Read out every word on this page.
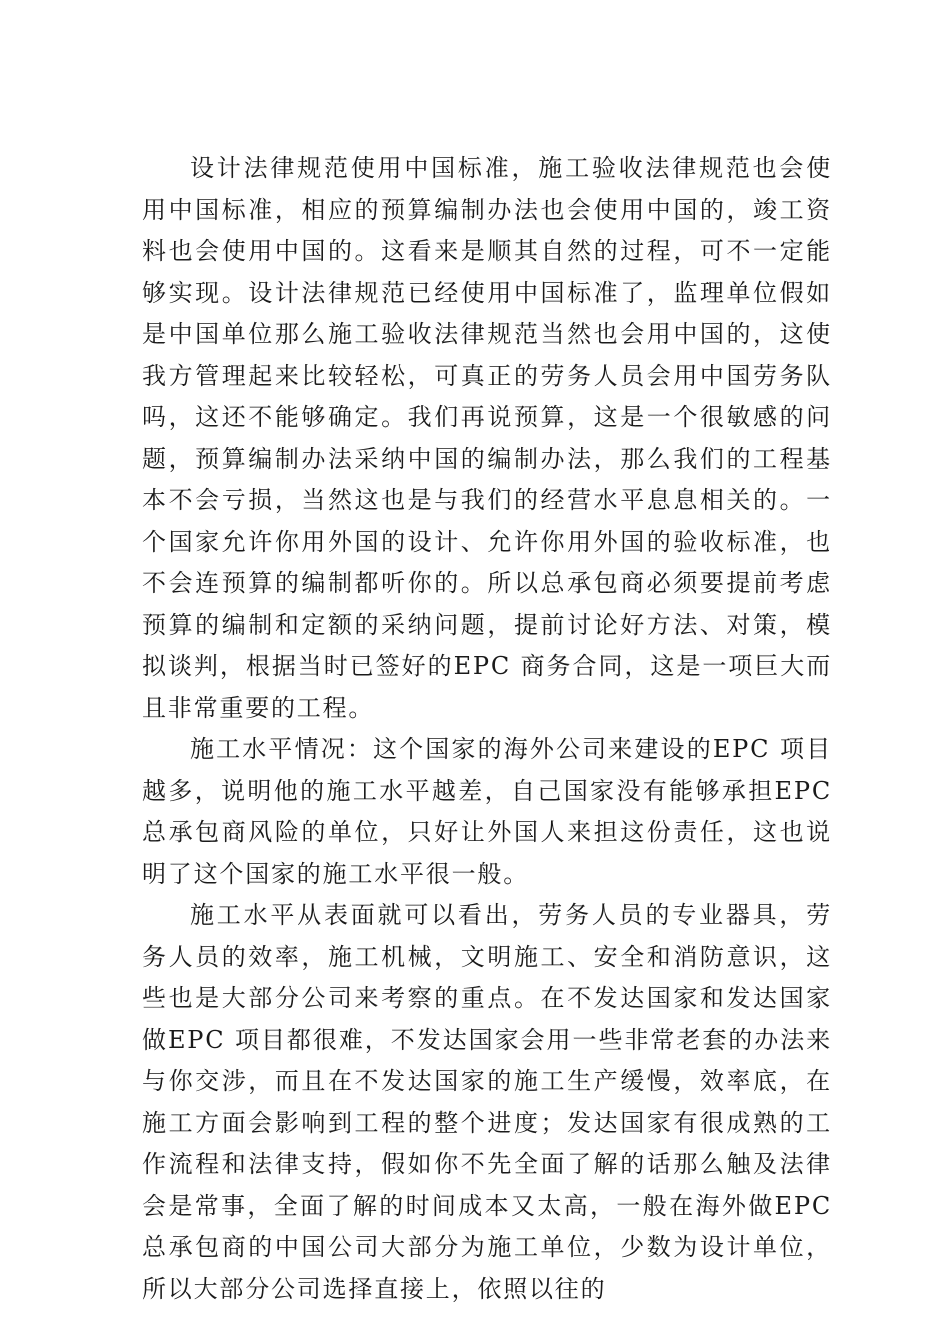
设计法律规范使用中国标准，施工验收法律规范也会使用中国标准，相应的预算编制办法也会使用中国的，竣工资料也会使用中国的。这看来是顺其自然的过程，可不一定能够实现。设计法律规范已经使用中国标准了，监理单位假如是中国单位那么施工验收法律规范当然也会用中国的，这使我方管理起来比较轻松，可真正的劳务人员会用中国劳务队吗，这还不能够确定。我们再说预算，这是一个很敏感的问题，预算编制办法采纳中国的编制办法，那么我们的工程基本不会亏损，当然这也是与我们的经营水平息息相关的。一个国家允许你用外国的设计、允许你用外国的验收标准，也不会连预算的编制都听你的。所以总承包商必须要提前考虑预算的编制和定额的采纳问题，提前讨论好方法、对策，模拟谈判，根据当时已签好的EPC 商务合同，这是一项巨大而且非常重要的工程。

施工水平情况：这个国家的海外公司来建设的EPC 项目越多，说明他的施工水平越差，自己国家没有能够承担EPC 总承包商风险的单位，只好让外国人来担这份责任，这也说明了这个国家的施工水平很一般。

施工水平从表面就可以看出，劳务人员的专业器具，劳务人员的效率，施工机械，文明施工、安全和消防意识，这些也是大部分公司来考察的重点。在不发达国家和发达国家做EPC 项目都很难，不发达国家会用一些非常老套的办法来与你交涉，而且在不发达国家的施工生产缓慢，效率底，在施工方面会影响到工程的整个进度；发达国家有很成熟的工作流程和法律支持，假如你不先全面了解的话那么触及法律会是常事，全面了解的时间成本又太高，一般在海外做EPC 总承包商的中国公司大部分为施工单位，少数为设计单位，所以大部分公司选择直接上，依照以往的
